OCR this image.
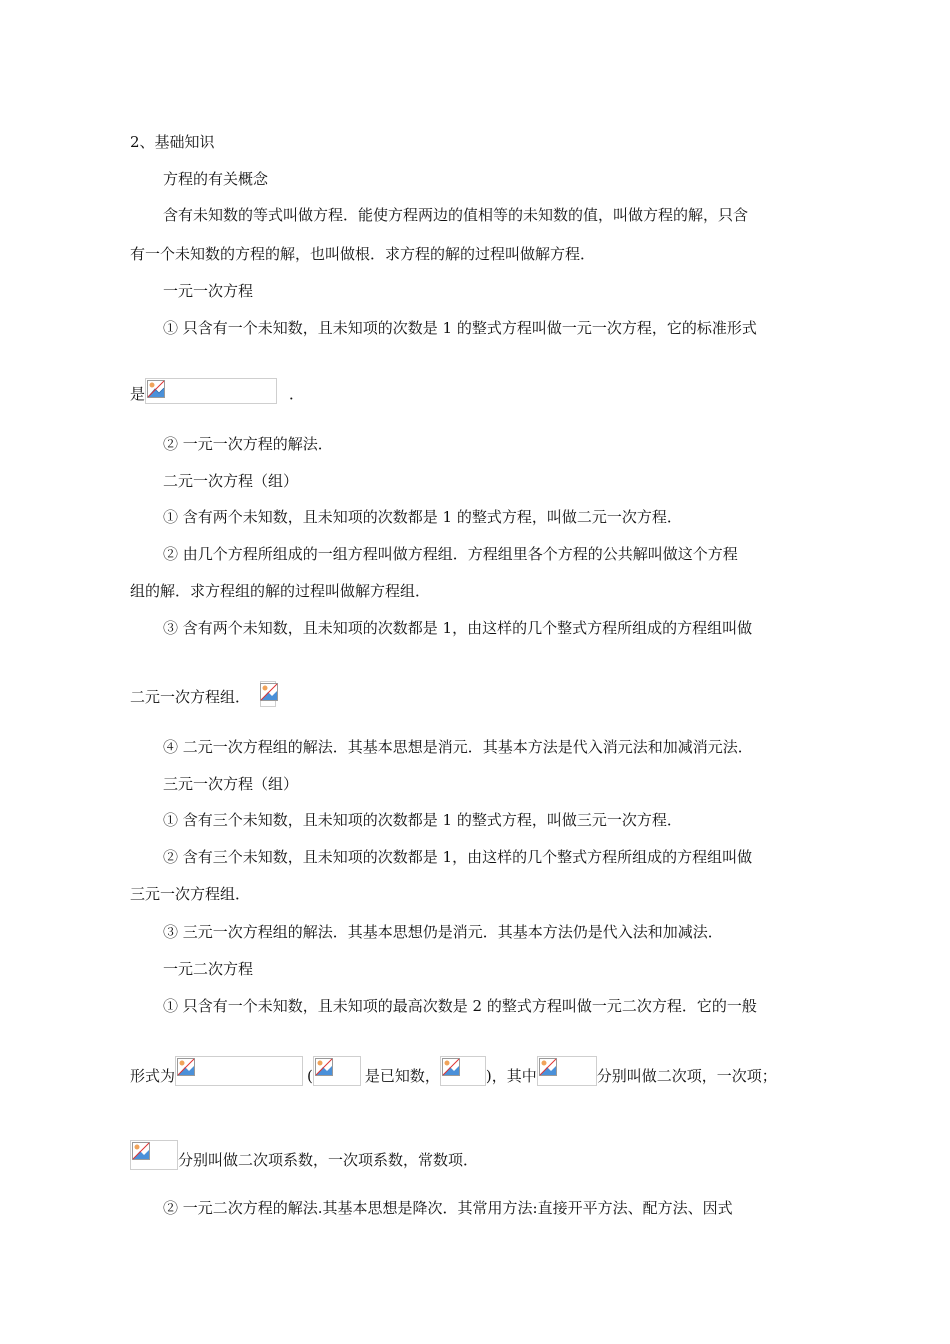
2、基础知识
方程的有关概念
含有未知数的等式叫做方程．能使方程两边的值相等的未知数的值，叫做方程的解，只含
有一个未知数的方程的解，也叫做根．求方程的解的过程叫做解方程．
一元一次方程
① 只含有一个未知数，且未知项的次数是 1 的整式方程叫做一元一次方程，它的标准形式
是	．
② 一元一次方程的解法．
二元一次方程（组）
① 含有两个未知数，且未知项的次数都是 1 的整式方程，叫做二元一次方程．
② 由几个方程所组成的一组方程叫做方程组．方程组里各个方程的公共解叫做这个方程
组的解．求方程组的解的过程叫做解方程组．
③ 含有两个未知数，且未知项的次数都是 1，由这样的几个整式方程所组成的方程组叫做
二元一次方程组．
④ 二元一次方程组的解法．其基本思想是消元．其基本方法是代入消元法和加减消元法．
三元一次方程（组）
① 含有三个未知数，且未知项的次数都是 1 的整式方程，叫做三元一次方程．
② 含有三个未知数，且未知项的次数都是 1，由这样的几个整式方程所组成的方程组叫做
三元一次方程组．
③ 三元一次方程组的解法．其基本思想仍是消元．其基本方法仍是代入法和加减法．
一元二次方程
① 只含有一个未知数，且未知项的最高次数是 2 的整式方程叫做一元二次方程．它的一般
形式为	(	是已知数，	)，其中	分别叫做二次项，一次项；
分别叫做二次项系数，一次项系数，常数项．
② 一元二次方程的解法.其基本思想是降次．其常用方法:直接开平方法、配方法、因式
